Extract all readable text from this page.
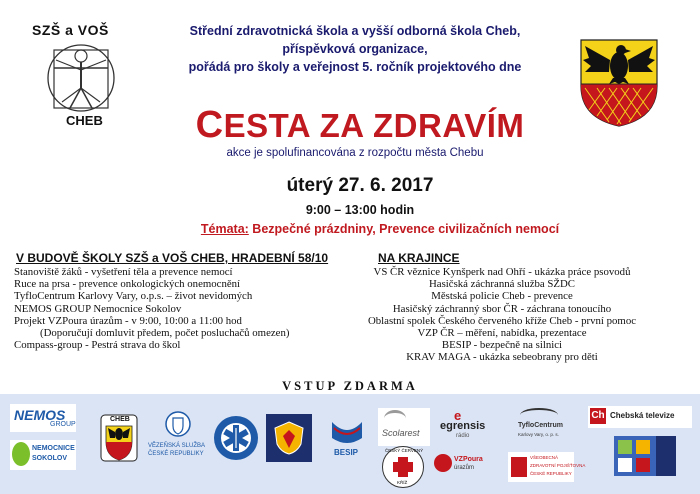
SZŠ a VOŠ
CHEB
Střední zdravotnická škola a vyšší odborná škola Cheb,
příspěvková organizace,
pořádá pro školy a veřejnost 5. ročník projektového dne
CESTA ZA ZDRAVÍM
akce je spolufinancována z rozpočtu města Chebu
úterý 27. 6. 2017
9:00 – 13:00 hodin
Témata: Bezpečné prázdniny, Prevence civilizačních nemocí
V BUDOVĚ ŠKOLY SZŠ a VOŠ CHEB, HRADEBNÍ 58/10
Stanoviště žáků - vyšetření těla a prevence nemocí
Ruce na prsa - prevence onkologických onemocnění
TyfloCentrum Karlovy Vary, o.p.s. – život nevidomých
NEMOS GROUP Nemocnice Sokolov
Projekt VZPoura úrazům - v 9:00, 10:00 a 11:00 hod
(Doporučují domluvit předem, počet posluchačů omezen)
Compass-group - Pestrá strava do škol
NA KRAJINCE
VS ČR věznice Kynšperk nad Ohří - ukázka práce psovodů
Hasičská záchranná služba SŽDC
Městská policie Cheb - prevence
Hasičský záchranný sbor ČR - záchrana tonoucího
Oblastní spolek Českého červeného kříže Cheb - první pomoc
VZP ČR – měření, nabídka, prezentace
BESIP - bezpečně na silnici
KRAV MAGA - ukázka sebeobrany pro děti
VSTUP ZDARMA
NEMOS
GROUP
NEMOCNICE
SOKOLOV
CHEB
VĚZEŇSKÁ SLUŽBA
ČESKÉ REPUBLIKY	BESIP
Scolarest
e
egrensis
rádio
ČESKÝ ČERVENÝ
KŘÍŽ
VZPoura
úrazům
TyfloCentrum
Karlovy Vary, o. p. s.
Ch Chebská televize
VŠEOBECNÁ
ZDRAVOTNÍ POJIŠŤOVNA
ČESKÉ REPUBLIKY
